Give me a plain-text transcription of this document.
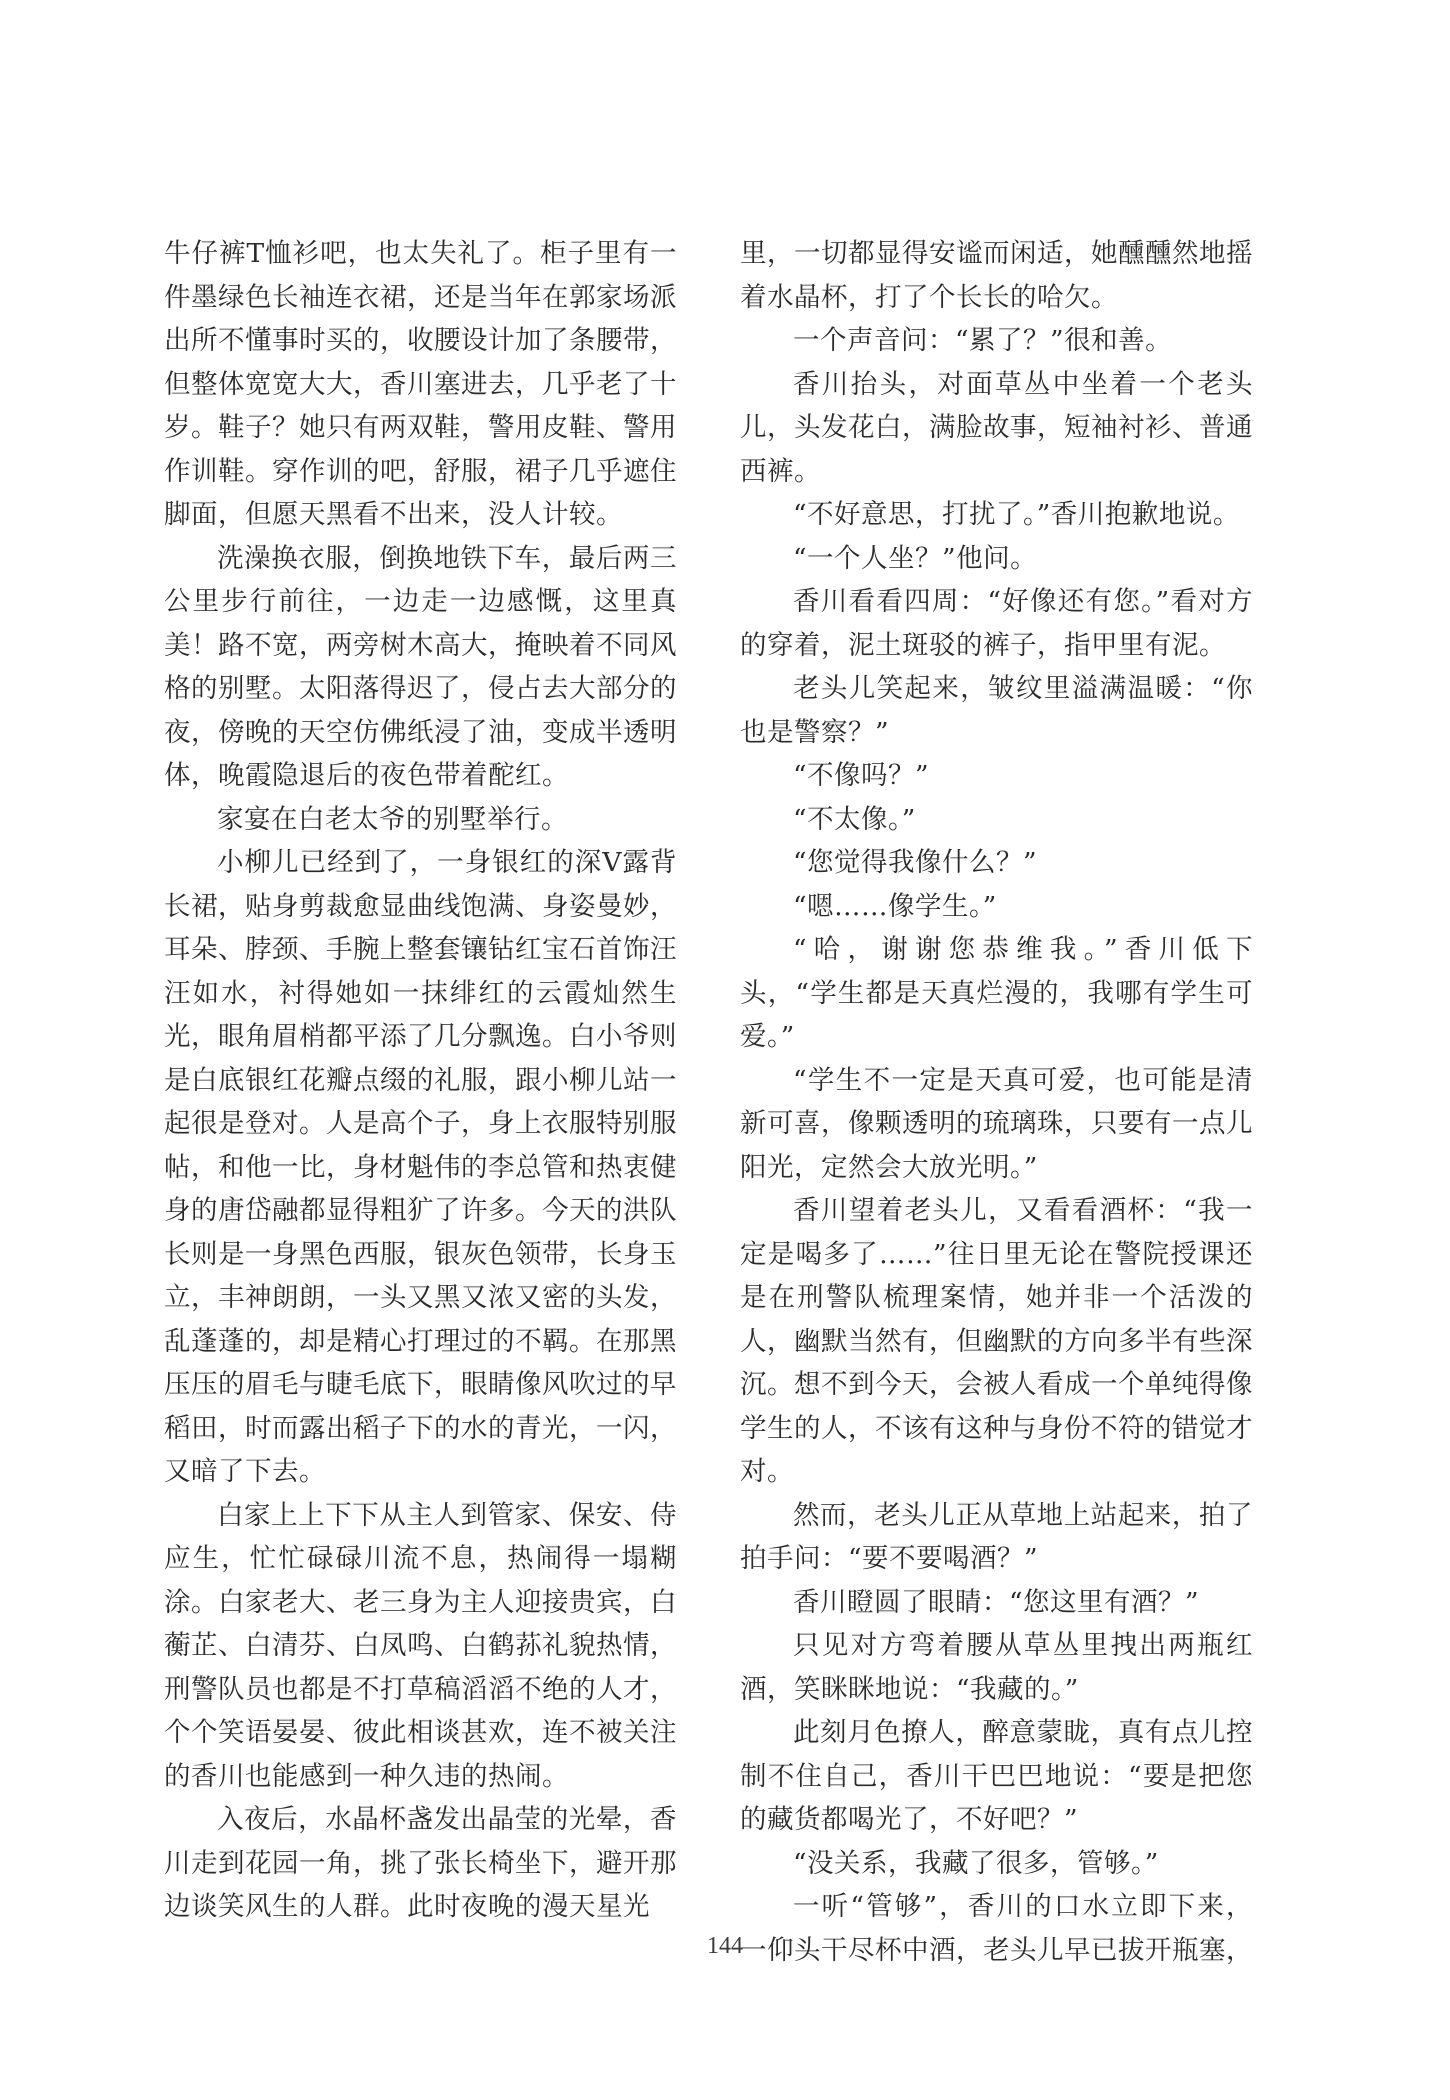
牛仔裤T恤衫吧，也太失礼了。柜子里有一件墨绿色长袖连衣裙，还是当年在郭家场派出所不懂事时买的，收腰设计加了条腰带，但整体宽宽大大，香川塞进去，几乎老了十岁。鞋子？她只有两双鞋，警用皮鞋、警用作训鞋。穿作训的吧，舒服，裙子几乎遮住脚面，但愿天黑看不出来，没人计较。

洗澡换衣服，倒换地铁下车，最后两三公里步行前往，一边走一边感慨，这里真美！路不宽，两旁树木高大，掩映着不同风格的别墅。太阳落得迟了，侵占去大部分的夜，傍晚的天空仿佛纸浸了油，变成半透明体，晚霞隐退后的夜色带着酡红。

家宴在白老太爷的别墅举行。

小柳儿已经到了，一身银红的深V露背长裙，贴身剪裁愈显曲线饱满、身姿曼妙，耳朵、脖颈、手腕上整套镶钻红宝石首饰汪汪如水，衬得她如一抹绯红的云霞灿然生光，眼角眉梢都平添了几分飘逸。白小爷则是白底银红花瓣点缀的礼服，跟小柳儿站一起很是登对。人是高个子，身上衣服特别服帖，和他一比，身材魁伟的李总管和热衷健身的唐岱融都显得粗犷了许多。今天的洪队长则是一身黑色西服，银灰色领带，长身玉立，丰神朗朗，一头又黑又浓又密的头发，乱蓬蓬的，却是精心打理过的不羁。在那黑压压的眉毛与睫毛底下，眼睛像风吹过的早稻田，时而露出稻子下的水的青光，一闪，又暗了下去。

白家上上下下从主人到管家、保安、侍应生，忙忙碌碌川流不息，热闹得一塌糊涂。白家老大、老三身为主人迎接贵宾，白蘅芷、白清芬、白凤鸣、白鹤荪礼貌热情，刑警队员也都是不打草稿滔滔不绝的人才，个个笑语晏晏、彼此相谈甚欢，连不被关注的香川也能感到一种久违的热闹。

入夜后，水晶杯盏发出晶莹的光晕，香川走到花园一角，挑了张长椅坐下，避开那边谈笑风生的人群。此时夜晚的漫天星光

里，一切都显得安谧而闲适，她醺醺然地摇着水晶杯，打了个长长的哈欠。

一个声音问：“累了？”很和善。

香川抬头，对面草丛中坐着一个老头儿，头发花白，满脸故事，短袖衬衫、普通西裤。

“不好意思，打扰了。”香川抱歉地说。

“一个人坐？”他问。

香川看看四周：“好像还有您。”看对方的穿着，泥土斑驳的裤子，指甲里有泥。

老头儿笑起来，皱纹里溢满温暖：“你也是警察？”

“不像吗？”

“不太像。”

“您觉得我像什么？”

“嗯……像学生。”

“哈，谢谢您恭维我。”香川低下头，“学生都是天真烂漫的，我哪有学生可爱。”

“学生不一定是天真可爱，也可能是清新可喜，像颗透明的琉璃珠，只要有一点儿阳光，定然会大放光明。”

香川望着老头儿，又看看酒杯：“我一定是喝多了……”往日里无论在警院授课还是在刑警队梳理案情，她并非一个活泼的人，幽默当然有，但幽默的方向多半有些深沉。想不到今天，会被人看成一个单纯得像学生的人，不该有这种与身份不符的错觉才对。

然而，老头儿正从草地上站起来，拍了拍手问：“要不要喝酒？”

香川瞪圆了眼睛：“您这里有酒？”

只见对方弯着腰从草丛里拽出两瓶红酒，笑眯眯地说：“我藏的。”

此刻月色撩人，醉意蒙眬，真有点儿控制不住自己，香川干巴巴地说：“要是把您的藏货都喝光了，不好吧？”

“没关系，我藏了很多，管够。”

一听“管够”，香川的口水立即下来，一仰头干尽杯中酒，老头儿早已拔开瓶塞，

144
